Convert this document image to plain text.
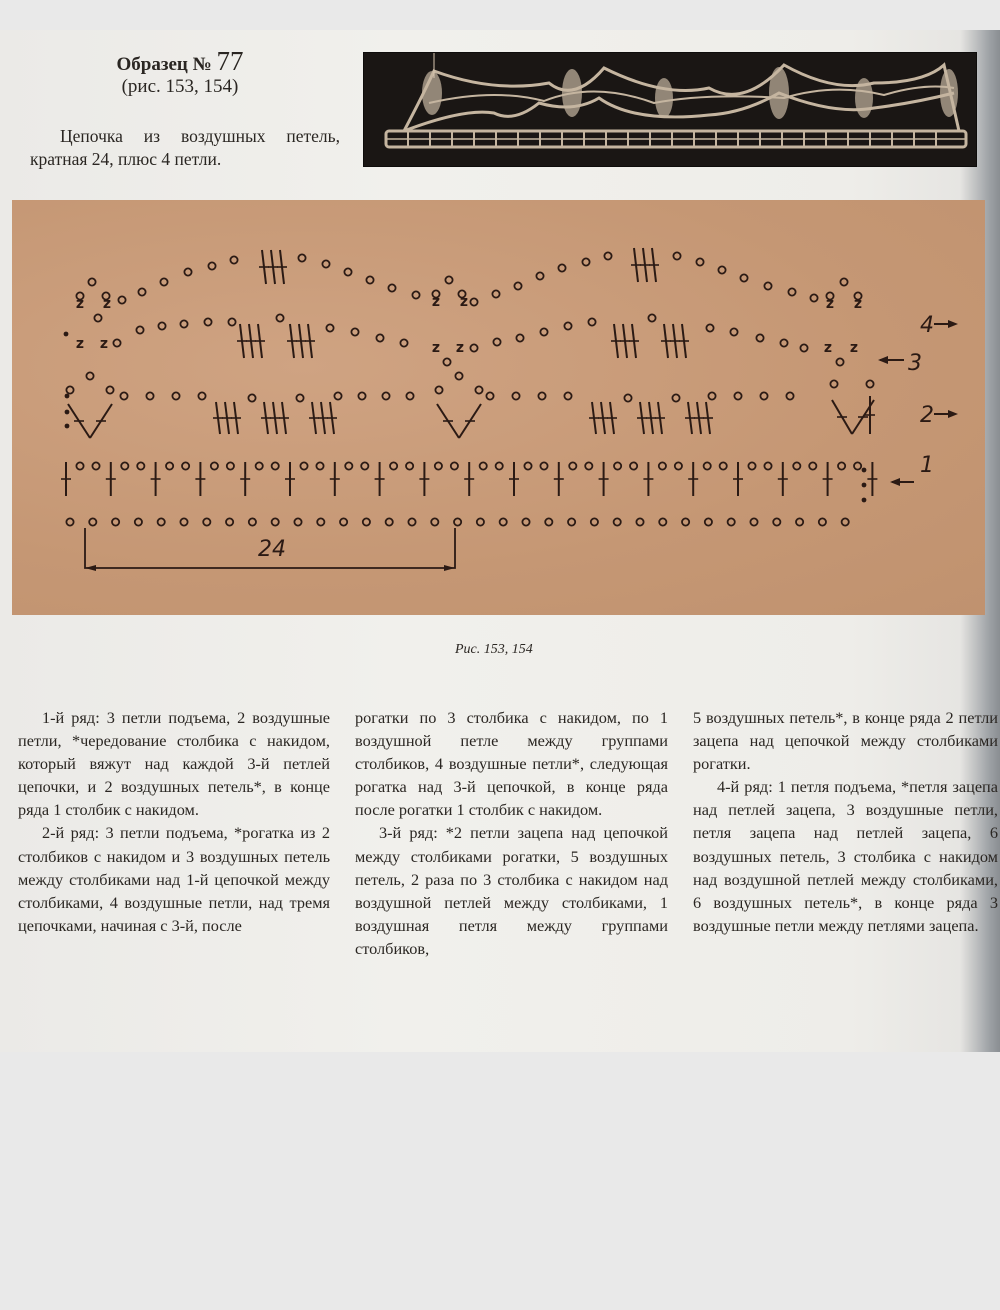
Образец № 77
(рис. 153, 154)
Цепочка из воздушных петель, кратная 24, плюс 4 петли.
z z	z z	z z
z z	z z	z z
1
2
3
4
24
Рис. 153, 154

1-й ряд: 3 петли подъема, 2 воздушные петли, *чередование столбика с накидом, который вяжут над каждой 3-й петлей цепочки, и 2 воздушных петель*, в конце ряда 1 столбик с накидом.

2-й ряд: 3 петли подъема, *рогатка из 2 столбиков с накидом и 3 воздушных петель между столбиками над 1-й цепочкой между столбиками, 4 воздушные петли, над тремя цепочками, начиная с 3-й, после

рогатки по 3 столбика с накидом, по 1 воздушной петле между группами столбиков, 4 воздушные петли*, следующая рогатка над 3-й цепочкой, в конце ряда после рогатки 1 столбик с накидом.

3-й ряд: *2 петли зацепа над цепочкой между столбиками рогатки, 5 воздушных петель, 2 раза по 3 столбика с накидом над воздушной петлей между столбиками, 1 воздушная петля между группами столбиков,

5 воздушных петель*, в конце ряда 2 петли зацепа над цепочкой между столбиками рогатки.

4-й ряд: 1 петля подъема, *петля зацепа над петлей зацепа, 3 воздушные петли, петля зацепа над петлей зацепа, 6 воздушных петель, 3 столбика с накидом над воздушной петлей между столбиками, 6 воздушных петель*, в конце ряда 3 воздушные петли между петлями зацепа.
